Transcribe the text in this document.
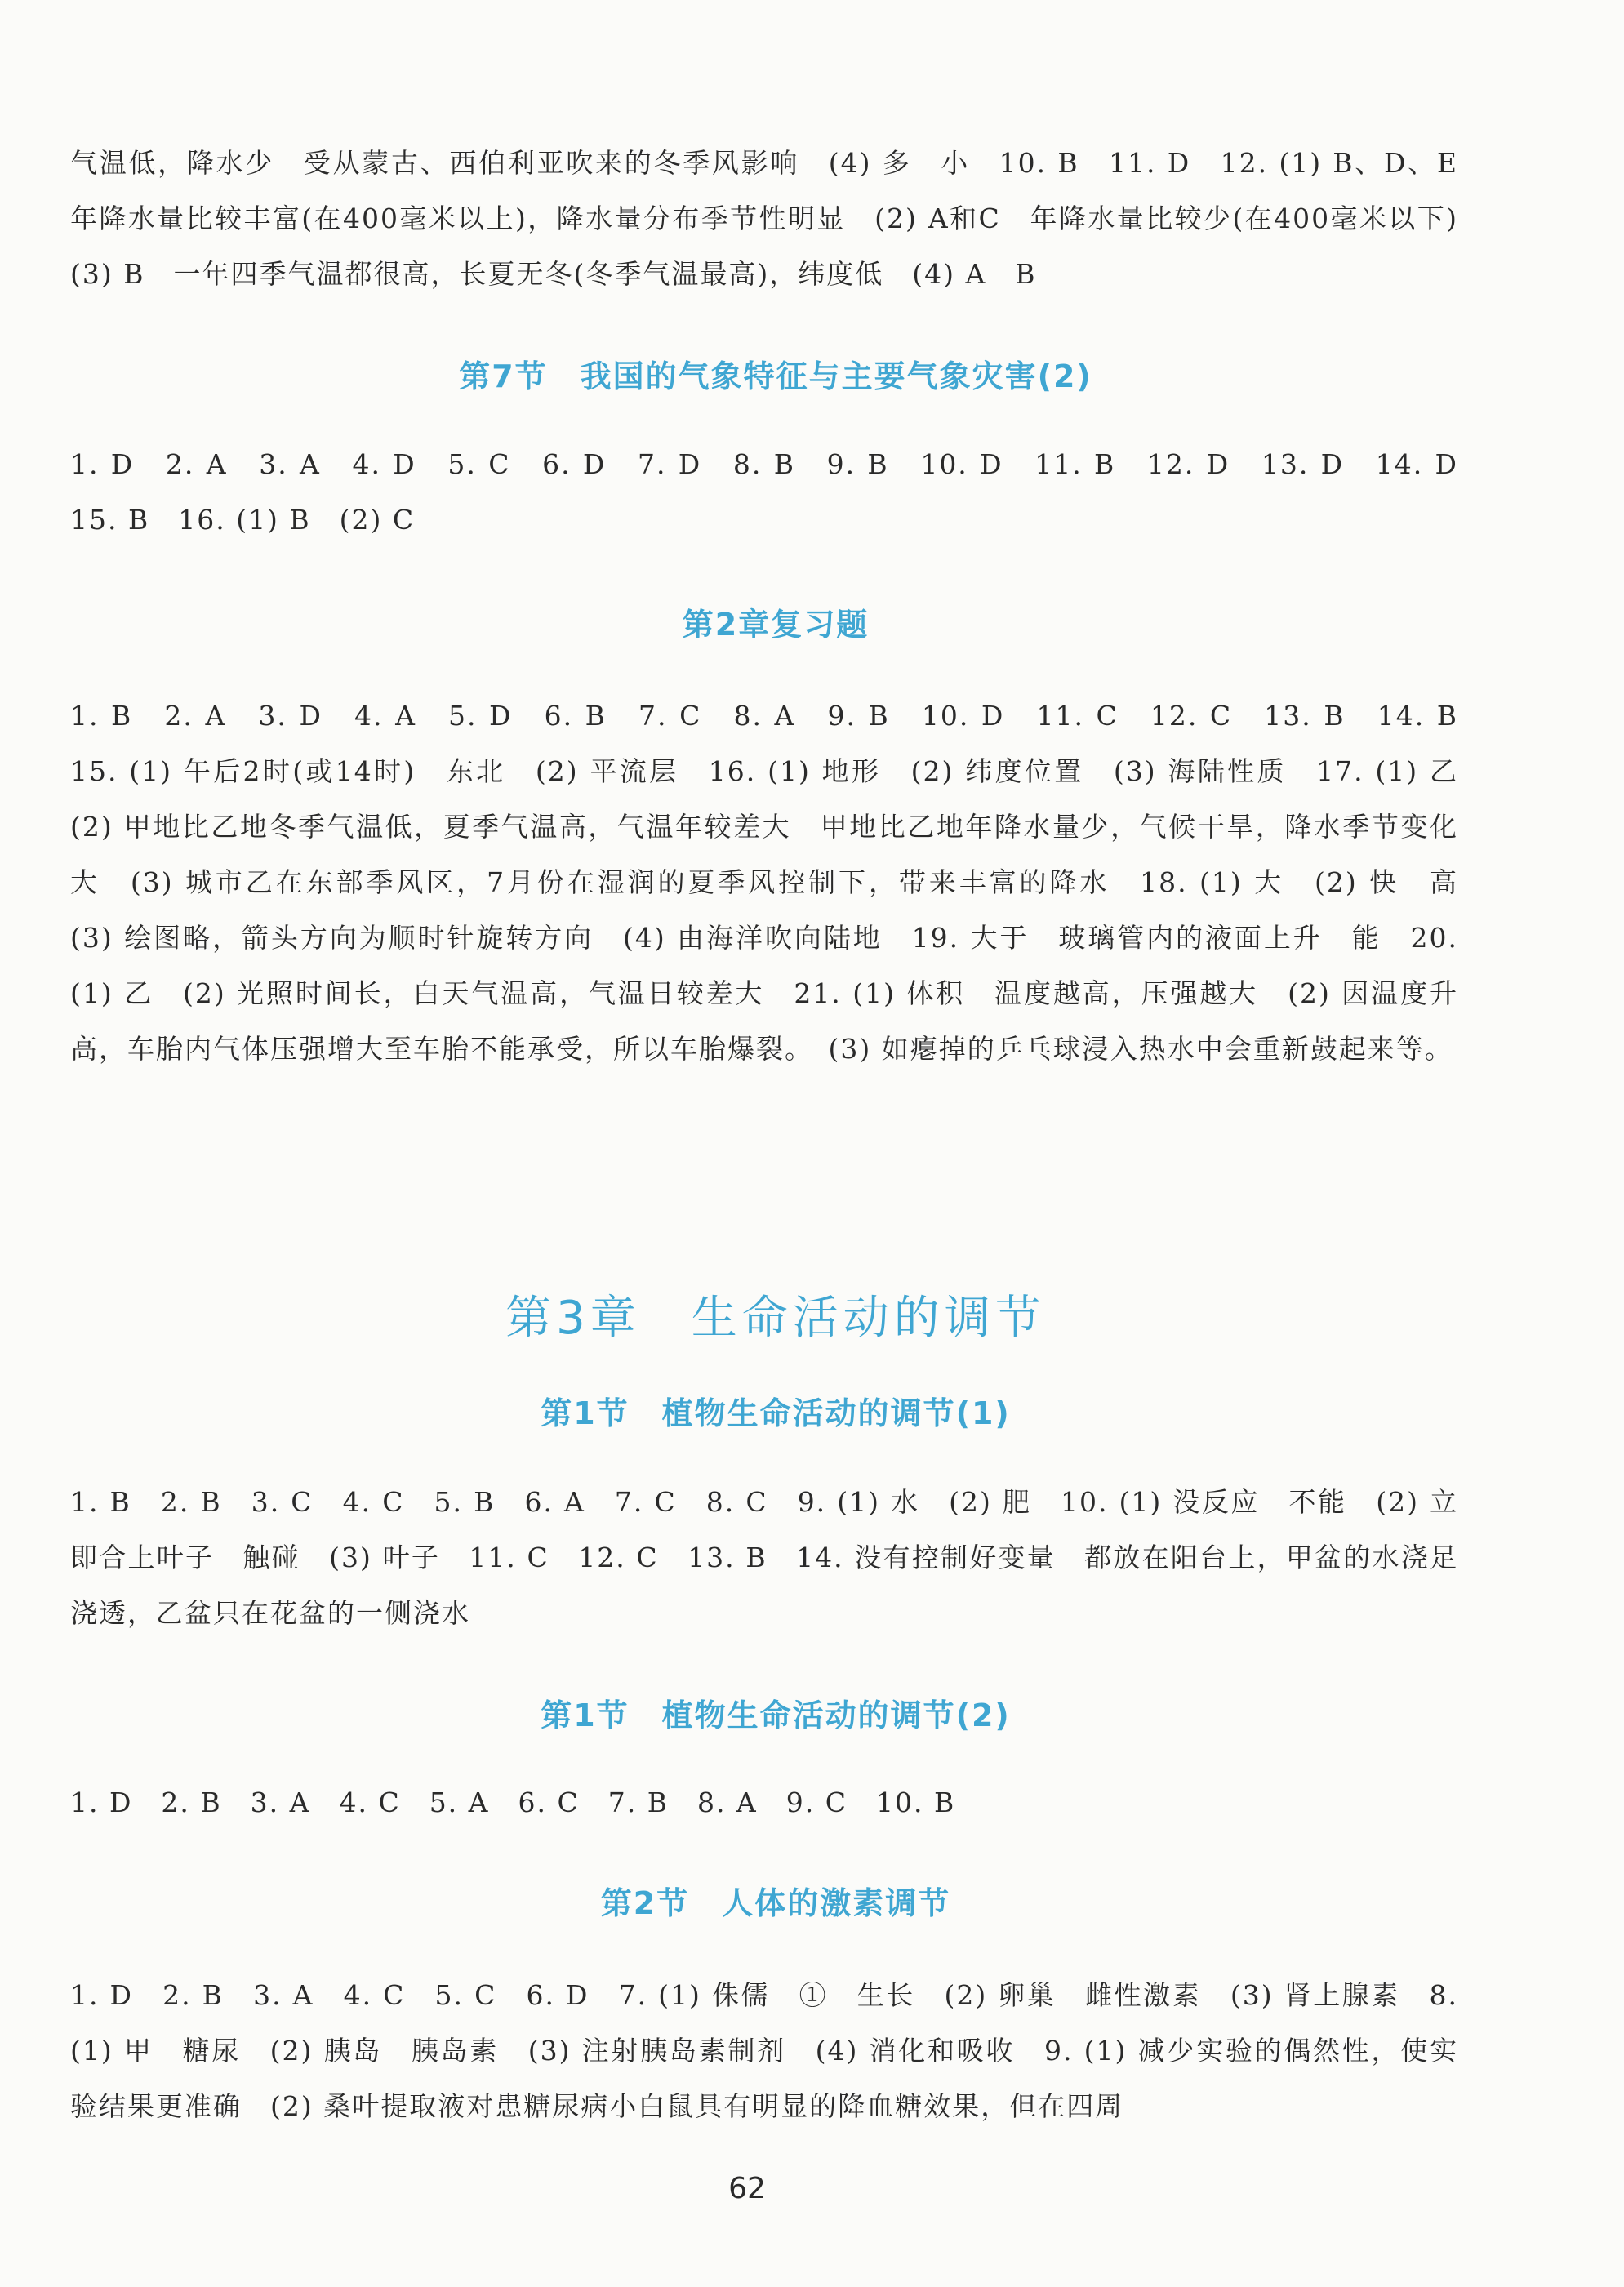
气温低，降水少　受从蒙古、西伯利亚吹来的冬季风影响　(4) 多　小　10. B　11. D　12. (1) B、D、E　年降水量比较丰富(在400毫米以上)，降水量分布季节性明显　(2) A和C　年降水量比较少(在400毫米以下)　(3) B　一年四季气温都很高，长夏无冬(冬季气温最高)，纬度低　(4) A　B
第7节　我国的气象特征与主要气象灾害(2)
1. D　2. A　3. A　4. D　5. C　6. D　7. D　8. B　9. B　10. D　11. B　12. D　13. D　14. D　15. B　16. (1) B　(2) C
第2章复习题
1. B　2. A　3. D　4. A　5. D　6. B　7. C　8. A　9. B　10. D　11. C　12. C　13. B　14. B　15. (1) 午后2时(或14时)　东北　(2) 平流层　16. (1) 地形　(2) 纬度位置　(3) 海陆性质　17. (1) 乙　(2) 甲地比乙地冬季气温低，夏季气温高，气温年较差大　甲地比乙地年降水量少，气候干旱，降水季节变化大　(3) 城市乙在东部季风区，7月份在湿润的夏季风控制下，带来丰富的降水　18. (1) 大　(2) 快　高　(3) 绘图略，箭头方向为顺时针旋转方向　(4) 由海洋吹向陆地　19. 大于　玻璃管内的液面上升　能　20. (1) 乙　(2) 光照时间长，白天气温高，气温日较差大　21. (1) 体积　温度越高，压强越大　(2) 因温度升高，车胎内气体压强增大至车胎不能承受，所以车胎爆裂。　(3) 如瘪掉的乒乓球浸入热水中会重新鼓起来等。
第3章　生命活动的调节
第1节　植物生命活动的调节(1)
1. B　2. B　3. C　4. C　5. B　6. A　7. C　8. C　9. (1) 水　(2) 肥　10. (1) 没反应　不能　(2) 立即合上叶子　触碰　(3) 叶子　11. C　12. C　13. B　14. 没有控制好变量　都放在阳台上，甲盆的水浇足浇透，乙盆只在花盆的一侧浇水
第1节　植物生命活动的调节(2)
1. D　2. B　3. A　4. C　5. A　6. C　7. B　8. A　9. C　10. B
第2节　人体的激素调节
1. D　2. B　3. A　4. C　5. C　6. D　7. (1) 侏儒　①　生长　(2) 卵巢　雌性激素　(3) 肾上腺素　8. (1) 甲　糖尿　(2) 胰岛　胰岛素　(3) 注射胰岛素制剂　(4) 消化和吸收　9. (1) 减少实验的偶然性，使实验结果更准确　(2) 桑叶提取液对患糖尿病小白鼠具有明显的降血糖效果，但在四周
62
